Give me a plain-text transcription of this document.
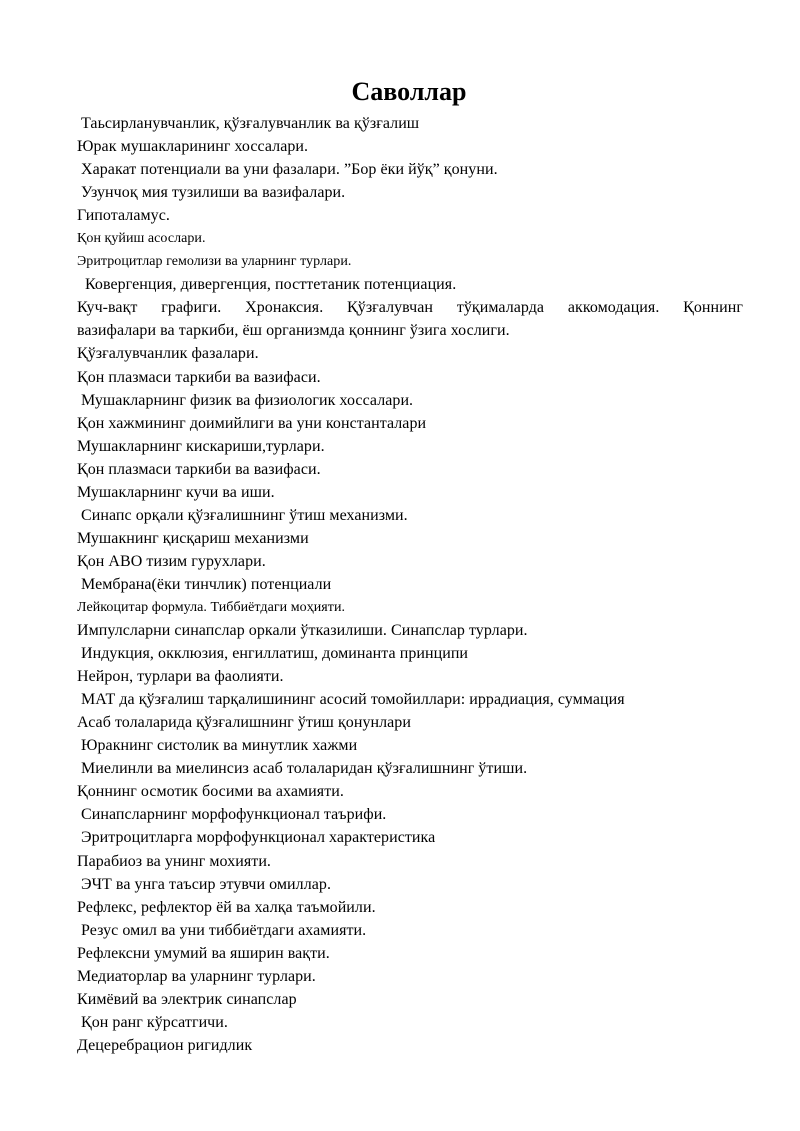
Саволлар
Таьсирланувчанлик, қўзғалувчанлик ва қўзғалиш
Юрак мушакларининг хоссалари.
Харакат потенциали ва уни фазалари. ”Бор ёки йўқ” қонуни.
Узунчоқ мия тузилиши ва вазифалари.
Гипоталамус.
Қон қуйиш асослари.
Эритроцитлар гемолизи ва уларнинг турлари.
Ковергенция, дивергенция, посттетаник потенциация.
Куч-вақт графиги. Хронаксия. Қўзғалувчан тўқималарда аккомодация. Қоннинг
вазифалари ва таркиби, ёш организмда қоннинг ўзига хослиги.
Қўзғалувчанлик фазалари.
Қон плазмаси таркиби ва вазифаси.
Мушакларнинг физик ва физиологик хоссалари.
Қон хажмининг доимийлиги ва уни константалари
Мушакларнинг кискариши,турлари.
Қон плазмаси таркиби ва вазифаси.
Мушакларнинг кучи ва иши.
Синапс орқали қўзғалишнинг ўтиш механизми.
Мушакнинг қисқариш механизми
Қон АВО тизим гурухлари.
Мембрана(ёки тинчлик) потенциали
Лейкоцитар формула. Тиббиётдаги моҳияти.
Импулсларни синапслар оркали ўтказилиши. Синапслар турлари.
Индукция, окклюзия, енгиллатиш, доминанта принципи
Нейрон, турлари ва фаолияти.
МАТ да қўзғалиш тарқалишининг асосий томойиллари: иррадиация, суммация
Асаб толаларида қўзғалишнинг ўтиш қонунлари
Юракнинг систолик ва минутлик хажми
Миелинли ва миелинсиз асаб толаларидан қўзғалишнинг ўтиши.
Қоннинг осмотик босими ва ахамияти.
Синапсларнинг морфофункционал таърифи.
Эритроцитларга морфофункционал характеристика
Парабиоз ва унинг мохияти.
ЭЧТ ва унга таъсир этувчи омиллар.
Рефлекс, рефлектор ёй ва халқа таъмойили.
Резус омил ва уни тиббиётдаги ахамияти.
Рефлексни умумий ва яширин вақти.
Медиаторлар ва уларнинг турлари.
Кимёвий ва электрик синапслар
Қон ранг кўрсатгичи.
Децеребрацион ригидлик
